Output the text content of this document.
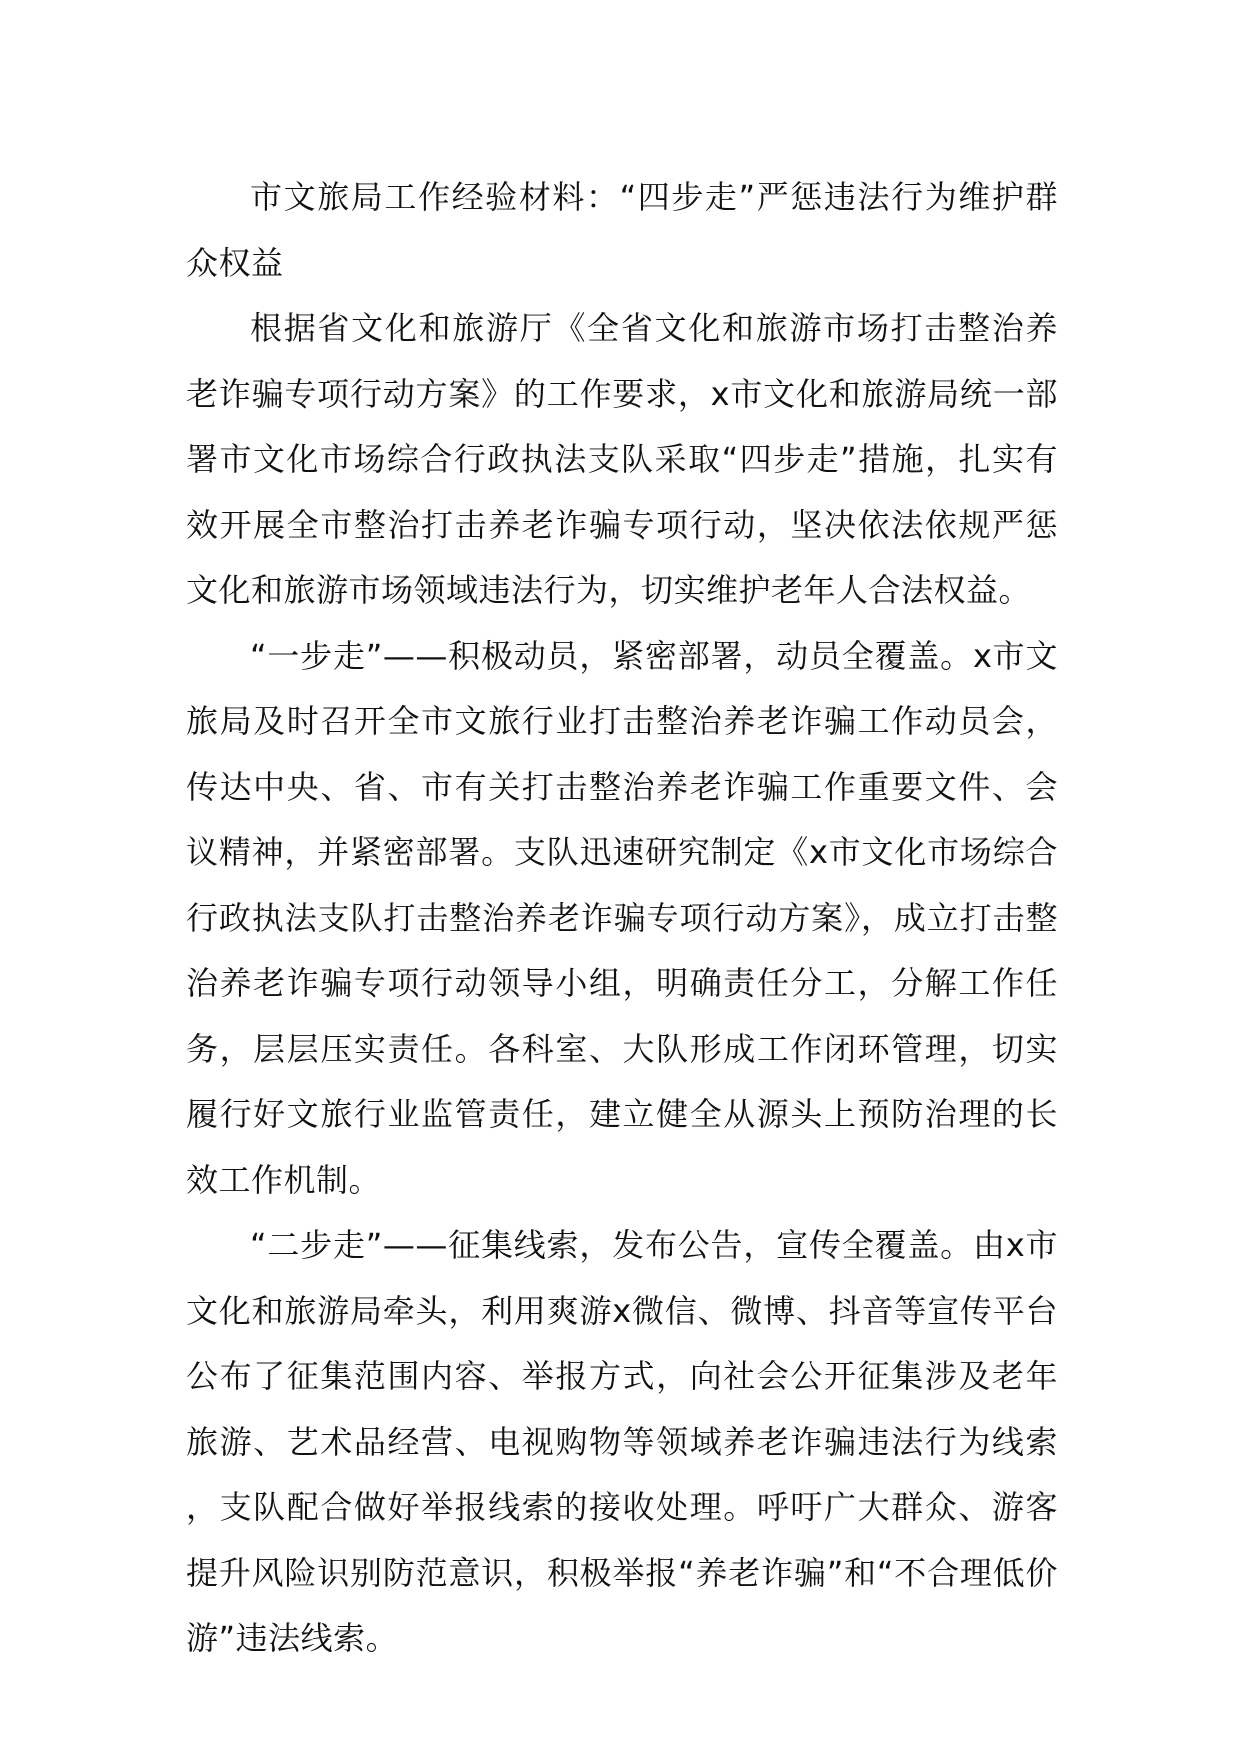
市文旅局工作经验材料：“四步走”严惩违法行为维护群众权益

根据省文化和旅游厅《全省文化和旅游市场打击整治养老诈骗专项行动方案》的工作要求，x市文化和旅游局统一部署市文化市场综合行政执法支队采取“四步走”措施，扎实有效开展全市整治打击养老诈骗专项行动，坚决依法依规严惩文化和旅游市场领域违法行为，切实维护老年人合法权益。

“一步走”——积极动员，紧密部署，动员全覆盖。x市文旅局及时召开全市文旅行业打击整治养老诈骗工作动员会，传达中央、省、市有关打击整治养老诈骗工作重要文件、会议精神，并紧密部署。支队迅速研究制定《x市文化市场综合行政执法支队打击整治养老诈骗专项行动方案》，成立打击整治养老诈骗专项行动领导小组，明确责任分工，分解工作任务，层层压实责任。各科室、大队形成工作闭环管理，切实履行好文旅行业监管责任，建立健全从源头上预防治理的长效工作机制。

“二步走”——征集线索，发布公告，宣传全覆盖。由x市文化和旅游局牵头，利用爽游x微信、微博、抖音等宣传平台公布了征集范围内容、举报方式，向社会公开征集涉及老年旅游、艺术品经营、电视购物等领域养老诈骗违法行为线索，支队配合做好举报线索的接收处理。呼吁广大群众、游客提升风险识别防范意识，积极举报“养老诈骗”和“不合理低价游”违法线索。
